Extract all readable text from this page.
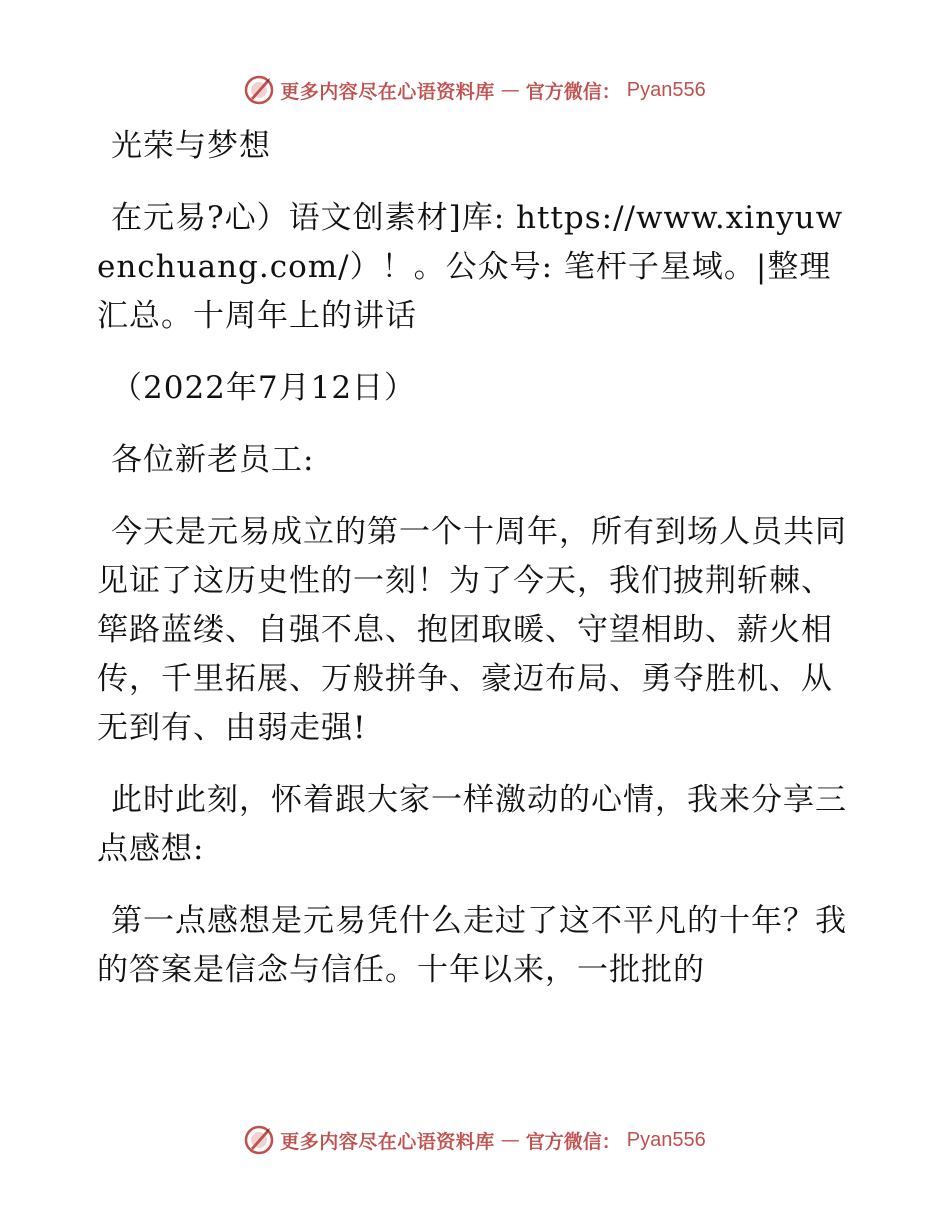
更多内容尽在心语资料库 — 官方微信： Pyan556

光荣与梦想

在元易?心）语文创素材]库: https://www.xinyuwenchuang.com/）！。公众号: 笔杆子星域。|整理汇总。十周年上的讲话

（2022年7月12日）

各位新老员工:

今天是元易成立的第一个十周年，所有到场人员共同见证了这历史性的一刻！为了今天，我们披荆斩棘、筚路蓝缕、自强不息、抱团取暖、守望相助、薪火相传，千里拓展、万般拼争、豪迈布局、勇夺胜机、从无到有、由弱走强!

此时此刻，怀着跟大家一样激动的心情，我来分享三点感想:

第一点感想是元易凭什么走过了这不平凡的十年？我的答案是信念与信任。十年以来，一批批的

更多内容尽在心语资料库 — 官方微信： Pyan556
